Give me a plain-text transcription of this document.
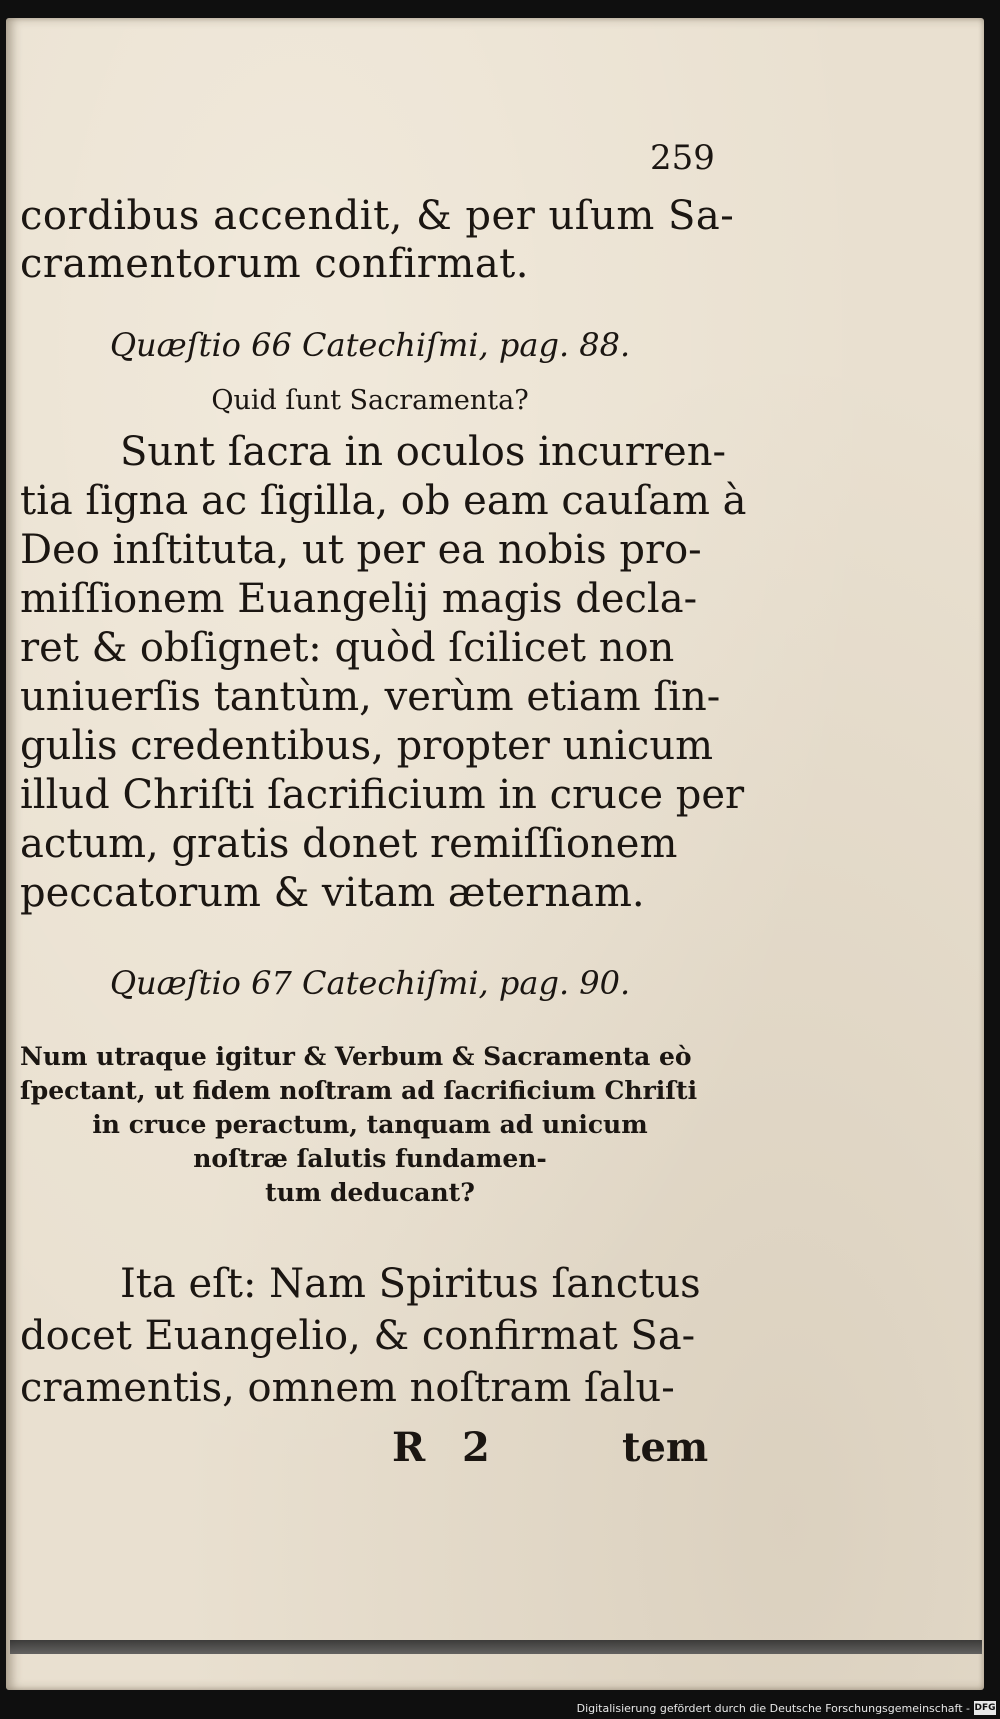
259
cordibus accendit, & per uſum Sa-
cramentorum confirmat.
Quæſtio 66 Catechiſmi, pag. 88.
Quid ſunt Sacramenta?
Sunt ſacra in oculos incurren-
tia ſigna ac ſigilla, ob eam cauſam à
Deo inſtituta, ut per ea nobis pro-
miſſionem Euangelij magis decla-
ret & obſignet: quòd ſcilicet non
uniuerſis tantùm, verùm etiam ſin-
gulis credentibus, propter unicum
illud Chriſti ſacrificium in cruce per
actum, gratis donet remiſſionem
peccatorum & vitam æternam.
Quæſtio 67 Catechiſmi, pag. 90.
Num utraque igitur & Verbum & Sacramenta eò
ſpectant, ut fidem noſtram ad ſacrificium Chriſti
in cruce peractum, tanquam ad unicum
noſtræ ſalutis fundamen-
tum deducant?
Ita eſt: Nam Spiritus ſanctus
docet Euangelio, & confirmat Sa-
cramentis, omnem noſtram ſalu-
R 2	tem
Digitalisierung gefördert durch die Deutsche Forschungsgemeinschaft - DFG
